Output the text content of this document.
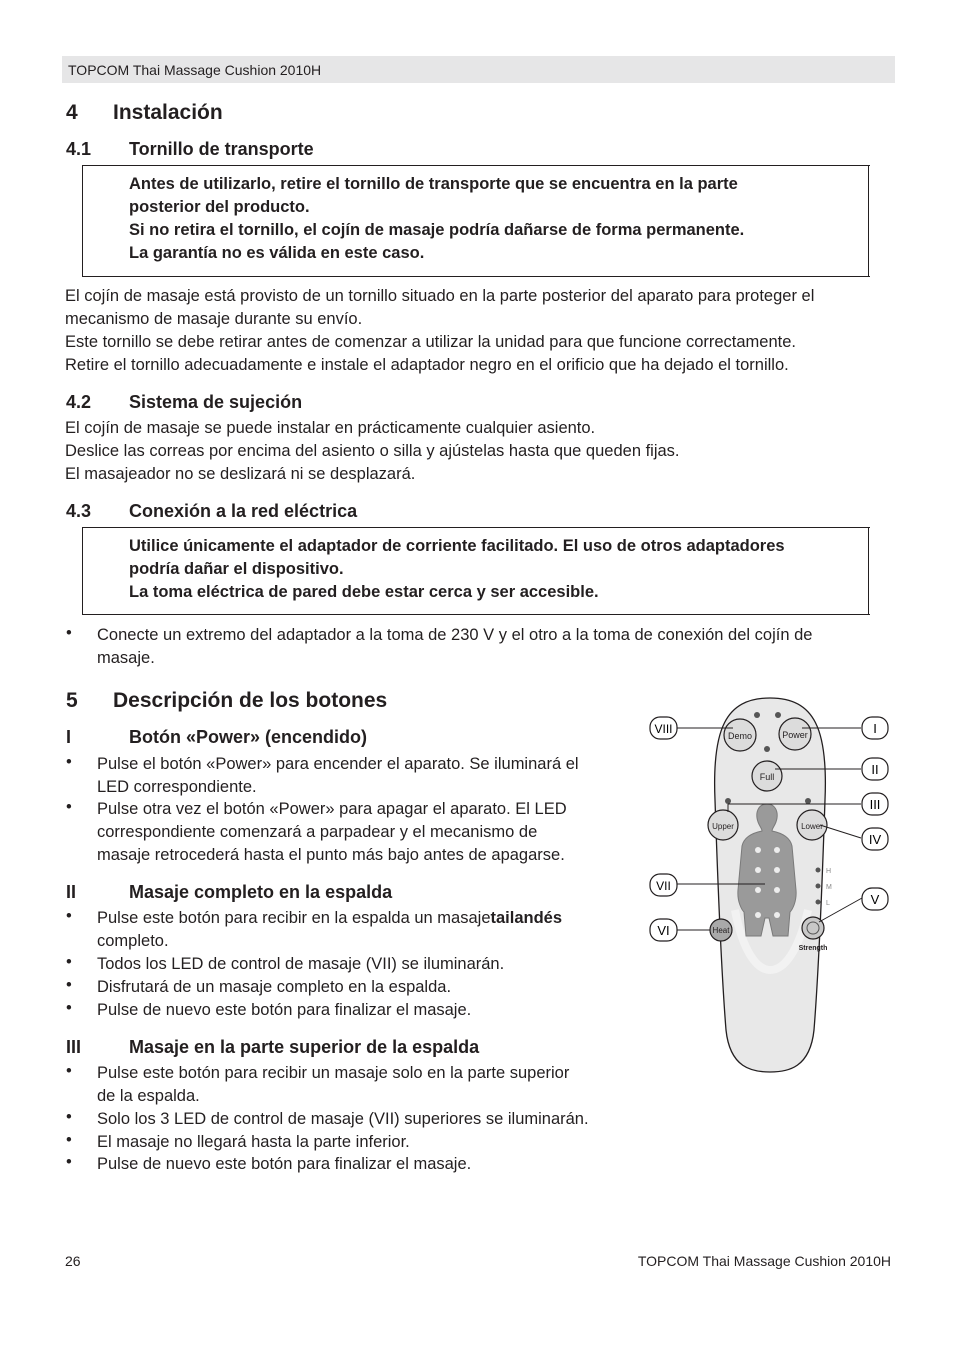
TOPCOM Thai Massage Cushion 2010H
4 Instalación
4.1 Tornillo de transporte
Antes de utilizarlo, retire el tornillo de transporte que se encuentra en la parte
posterior del producto.
Si no retira el tornillo, el cojín de masaje podría dañarse de forma permanente.
La garantía no es válida en este caso.
El cojín de masaje está provisto de un tornillo situado en la parte posterior del aparato para proteger el
mecanismo de masaje durante su envío.
Este tornillo se debe retirar antes de comenzar a utilizar la unidad para que funcione correctamente.
Retire el tornillo adecuadamente e instale el adaptador negro en el orificio que ha dejado el tornillo.
4.2 Sistema de sujeción
El cojín de masaje se puede instalar en prácticamente cualquier asiento.
Deslice las correas por encima del asiento o silla y ajústelas hasta que queden fijas.
El masajeador no se deslizará ni se desplazará.
4.3 Conexión a la red eléctrica
Utilice únicamente el adaptador de corriente facilitado. El uso de otros adaptadores
podría dañar el dispositivo.
La toma eléctrica de pared debe estar cerca y ser accesible.
• Conecte un extremo del adaptador a la toma de 230 V y el otro a la toma de conexión del cojín de
masaje.
5 Descripción de los botones
I	Botón «Power» (encendido)
• Pulse el botón «Power» para encender el aparato. Se iluminará el
LED correspondiente.
• Pulse otra vez el botón «Power» para apagar el aparato. El LED
correspondiente comenzará a parpadear y el mecanismo de
masaje retrocederá hasta el punto más bajo antes de apagarse.
II	Masaje completo en la espalda
• Pulse este botón para recibir en la espalda un masajetailandés
completo.
• Todos los LED de control de masaje (VII) se iluminarán.
• Disfrutará de un masaje completo en la espalda.
• Pulse de nuevo este botón para finalizar el masaje.
III	Masaje en la parte superior de la espalda
• Pulse este botón para recibir un masaje solo en la parte superior
de la espalda.
• Solo los 3 LED de control de masaje (VII) superiores se iluminarán.
• El masaje no llegará hasta la parte inferior.
• Pulse de nuevo este botón para finalizar el masaje.
Demo	Power
Full
Upper	Lower
H
M
L
Heat
Strength
VIII	I
II
III
IV
V
VII
VI
26	TOPCOM Thai Massage Cushion 2010H
